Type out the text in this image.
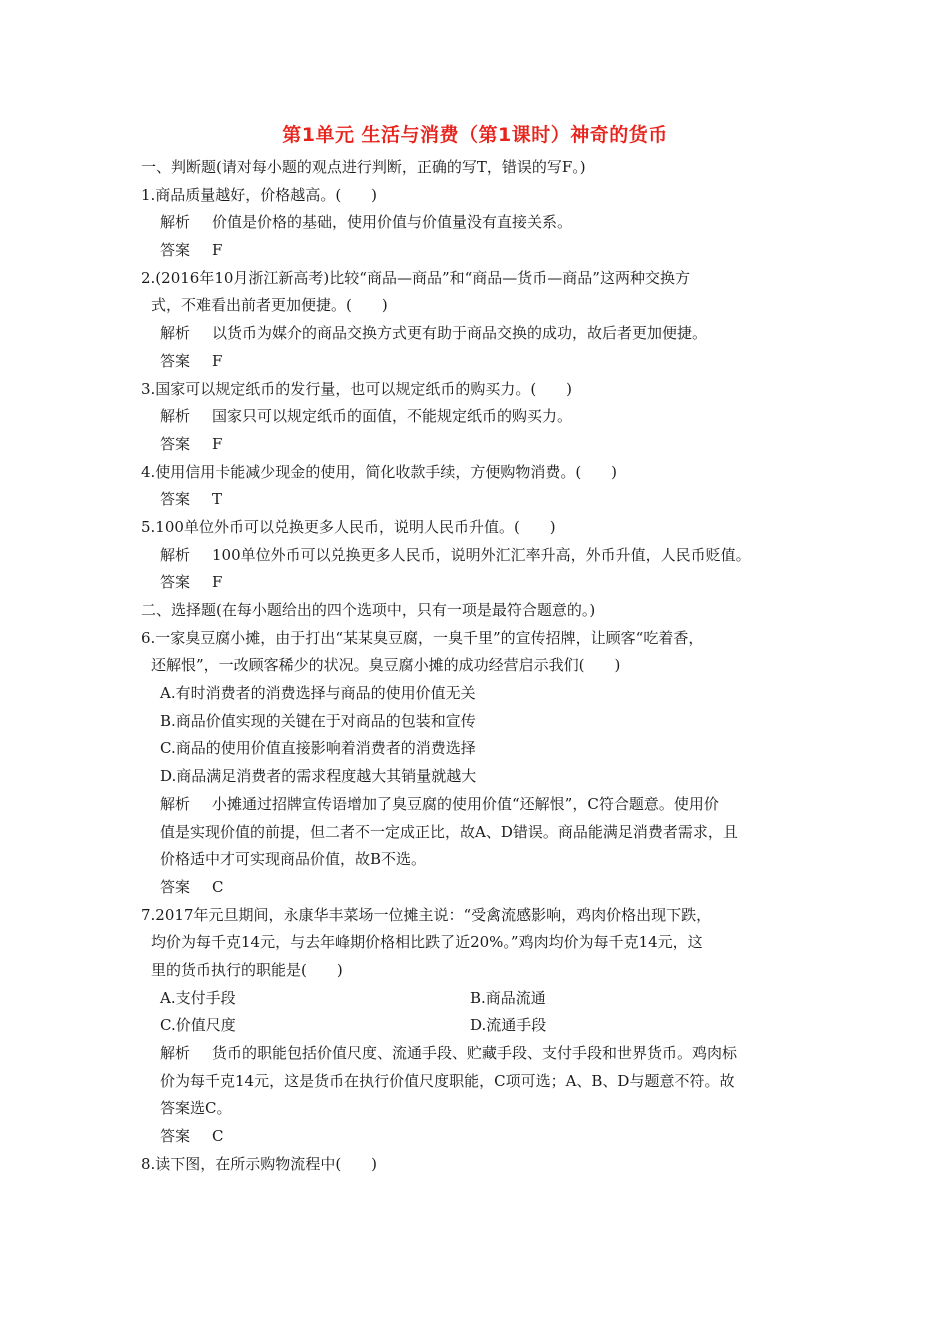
第1单元 生活与消费（第1课时）神奇的货币
一、判断题(请对每小题的观点进行判断，正确的写T，错误的写F。)
1.商品质量越好，价格越高。(　　)
解析 价值是价格的基础，使用价值与价值量没有直接关系。
答案 F
2.(2016年10月浙江新高考)比较“商品—商品”和“商品—货币—商品”这两种交换方
式，不难看出前者更加便捷。(　　)
解析 以货币为媒介的商品交换方式更有助于商品交换的成功，故后者更加便捷。
答案 F
3.国家可以规定纸币的发行量，也可以规定纸币的购买力。(　　)
解析 国家只可以规定纸币的面值，不能规定纸币的购买力。
答案 F
4.使用信用卡能减少现金的使用，简化收款手续，方便购物消费。(　　)
答案 T
5.100单位外币可以兑换更多人民币，说明人民币升值。(　　)
解析 100单位外币可以兑换更多人民币，说明外汇汇率升高，外币升值，人民币贬值。
答案 F
二、选择题(在每小题给出的四个选项中，只有一项是最符合题意的。)
6.一家臭豆腐小摊，由于打出“某某臭豆腐，一臭千里”的宣传招牌，让顾客“吃着香，
还解恨”，一改顾客稀少的状况。臭豆腐小摊的成功经营启示我们(　　)
A.有时消费者的消费选择与商品的使用价值无关
B.商品价值实现的关键在于对商品的包装和宣传
C.商品的使用价值直接影响着消费者的消费选择
D.商品满足消费者的需求程度越大其销量就越大
解析 小摊通过招牌宣传语增加了臭豆腐的使用价值“还解恨”，C符合题意。使用价
值是实现价值的前提，但二者不一定成正比，故A、D错误。商品能满足消费者需求，且
价格适中才可实现商品价值，故B不选。
答案 C
7.2017年元旦期间，永康华丰菜场一位摊主说：“受禽流感影响，鸡肉价格出现下跌，
均价为每千克14元，与去年峰期价格相比跌了近20%。”鸡肉均价为每千克14元，这
里的货币执行的职能是(　　)
A.支付手段	B.商品流通
C.价值尺度	D.流通手段
解析 货币的职能包括价值尺度、流通手段、贮藏手段、支付手段和世界货币。鸡肉标
价为每千克14元，这是货币在执行价值尺度职能，C项可选；A、B、D与题意不符。故
答案选C。
答案 C
8.读下图，在所示购物流程中(　　)
